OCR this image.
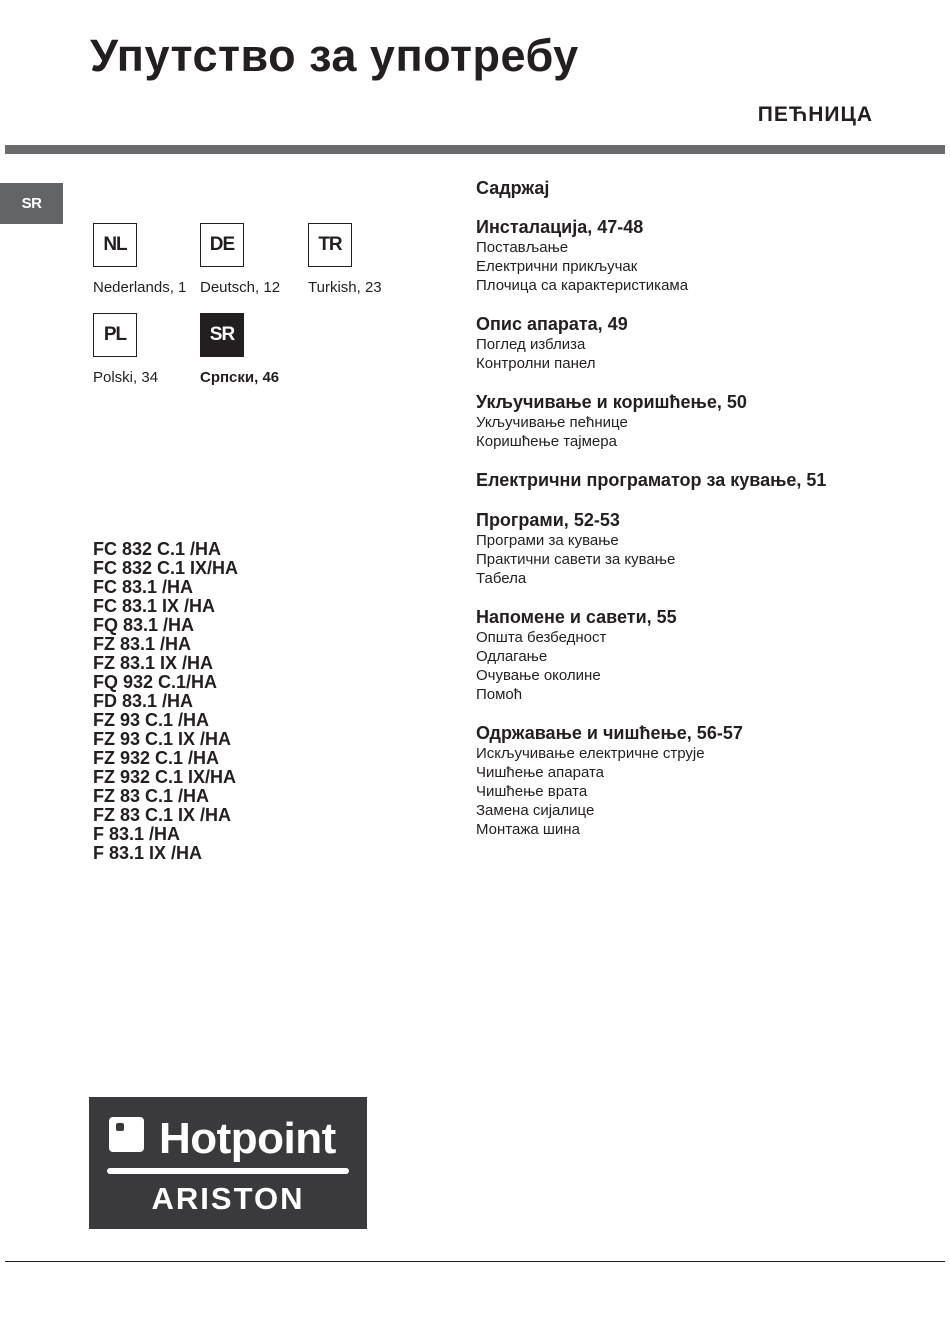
Упутство за употребу
ПЕЋНИЦА
SR
NL
Nederlands, 1
DE
Deutsch, 12
TR
Turkish, 23
PL
Polski, 34
SR
Српски, 46
FC 832 C.1 /HA
FC 832 C.1 IX/HA
FC 83.1 /HA
FC 83.1 IX /HA
FQ 83.1 /HA
FZ 83.1 /HA
FZ 83.1 IX /HA
FQ 932 C.1/HA
FD 83.1 /HA
FZ 93 C.1 /HA
FZ 93 C.1 IX /HA
FZ 932 C.1 /HA
FZ 932 C.1 IX/HA
FZ 83 C.1 /HA
FZ 83 C.1 IX /HA
F 83.1 /HA
F 83.1 IX /HA
Садржај
Инсталација, 47-48
Постављање
Електрични прикључак
Плочица са карактеристикама
Опис апарата, 49
Поглед изблиза
Контролни панел
Укључивање и коришћење, 50
Укључивање пећнице
Коришћење тајмера
Електрични програматор за кување, 51
Програми, 52-53
Програми за кување
Практични савети за кување
Табела
Напомене и савети, 55
Општа безбедност
Одлагање
Очување околине
Помоћ
Одржавање и чишћење, 56-57
Искључивање електричне струје
Чишћење апарата
Чишћење врата
Замена сијалице
Монтажа шина
Hotpoint
ARISTON
